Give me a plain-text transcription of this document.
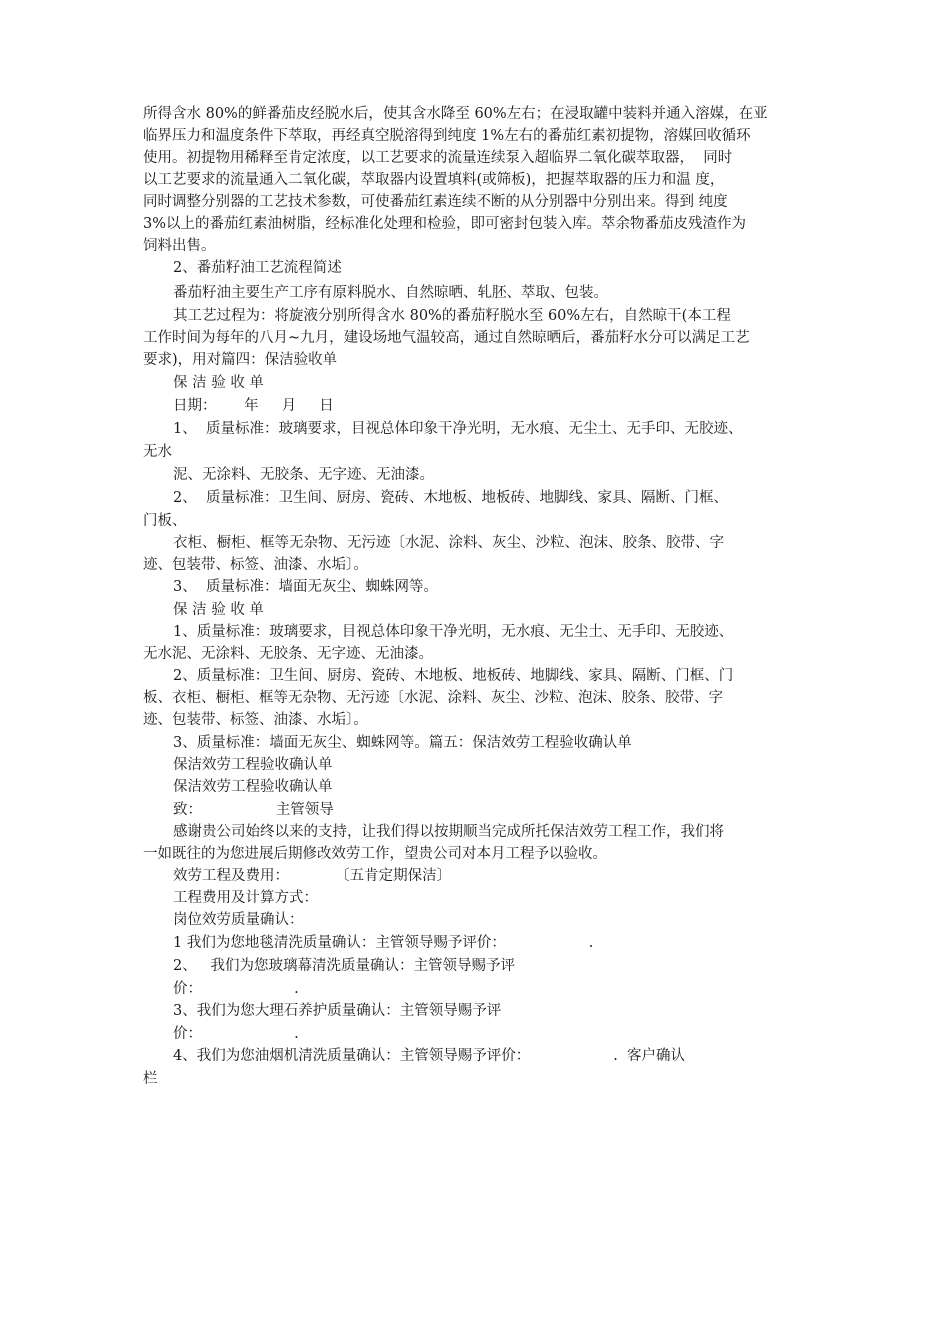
所得含水 80%的鲜番茄皮经脱水后，使其含水降至 60%左右；在浸取罐中装料并通入溶媒，在亚
临界压力和温度条件下萃取，再经真空脱溶得到纯度 1%左右的番茄红素初提物，溶媒回收循环
使用。初提物用稀释至肯定浓度，以工艺要求的流量连续泵入超临界二氧化碳萃取器，  同时
以工艺要求的流量通入二氧化碳，萃取器内设置填料(或筛板)，把握萃取器的压力和温 度，
同时调整分别器的工艺技术参数，可使番茄红素连续不断的从分别器中分别出来。得到 纯度
3%以上的番茄红素油树脂，经标准化处理和检验，即可密封包装入库。萃余物番茄皮残渣作为
饲料出售。
2、番茄籽油工艺流程简述
番茄籽油主要生产工序有原料脱水、自然晾晒、轧胚、萃取、包装。
其工艺过程为：将旋液分别所得含水 80%的番茄籽脱水至 60%左右，自然晾干(本工程
工作时间为每年的八月~九月，建设场地气温较高，通过自然晾晒后，番茄籽水分可以满足工艺
要求)，用对篇四：保洁验收单
保 洁 验 收 单
日期：      年     月     日
1、  质量标准：玻璃要求，目视总体印象干净光明，无水痕、无尘土、无手印、无胶迹、
无水
泥、无涂料、无胶条、无字迹、无油漆。
2、  质量标准：卫生间、厨房、瓷砖、木地板、地板砖、地脚线、家具、隔断、门框、
门板、
衣柜、橱柜、框等无杂物、无污迹〔水泥、涂料、灰尘、沙粒、泡沫、胶条、胶带、字
迹、包装带、标签、油漆、水垢〕。
3、  质量标准：墙面无灰尘、蜘蛛网等。
保 洁 验 收 单
1、质量标准：玻璃要求，目视总体印象干净光明，无水痕、无尘土、无手印、无胶迹、
无水泥、无涂料、无胶条、无字迹、无油漆。
2、质量标准：卫生间、厨房、瓷砖、木地板、地板砖、地脚线、家具、隔断、门框、门
板、衣柜、橱柜、框等无杂物、无污迹〔水泥、涂料、灰尘、沙粒、泡沫、胶条、胶带、字
迹、包装带、标签、油漆、水垢〕。
3、质量标准：墙面无灰尘、蜘蛛网等。篇五：保洁效劳工程验收确认单
保洁效劳工程验收确认单
保洁效劳工程验收确认单
致：                主管领导
感谢贵公司始终以来的支持，让我们得以按期顺当完成所托保洁效劳工程工作，我们将
一如既往的为您进展后期修改效劳工作，望贵公司对本月工程予以验收。
效劳工程及费用：          〔五肯定期保洁〕
工程费用及计算方式：
岗位效劳质量确认：
1 我们为您地毯清洗质量确认：主管领导赐予评价：                  .
2、   我们为您玻璃幕清洗质量确认：主管领导赐予评
价：                    .
3、我们为您大理石养护质量确认：主管领导赐予评
价：                    .
4、我们为您油烟机清洗质量确认：主管领导赐予评价：                  .  客户确认
栏
